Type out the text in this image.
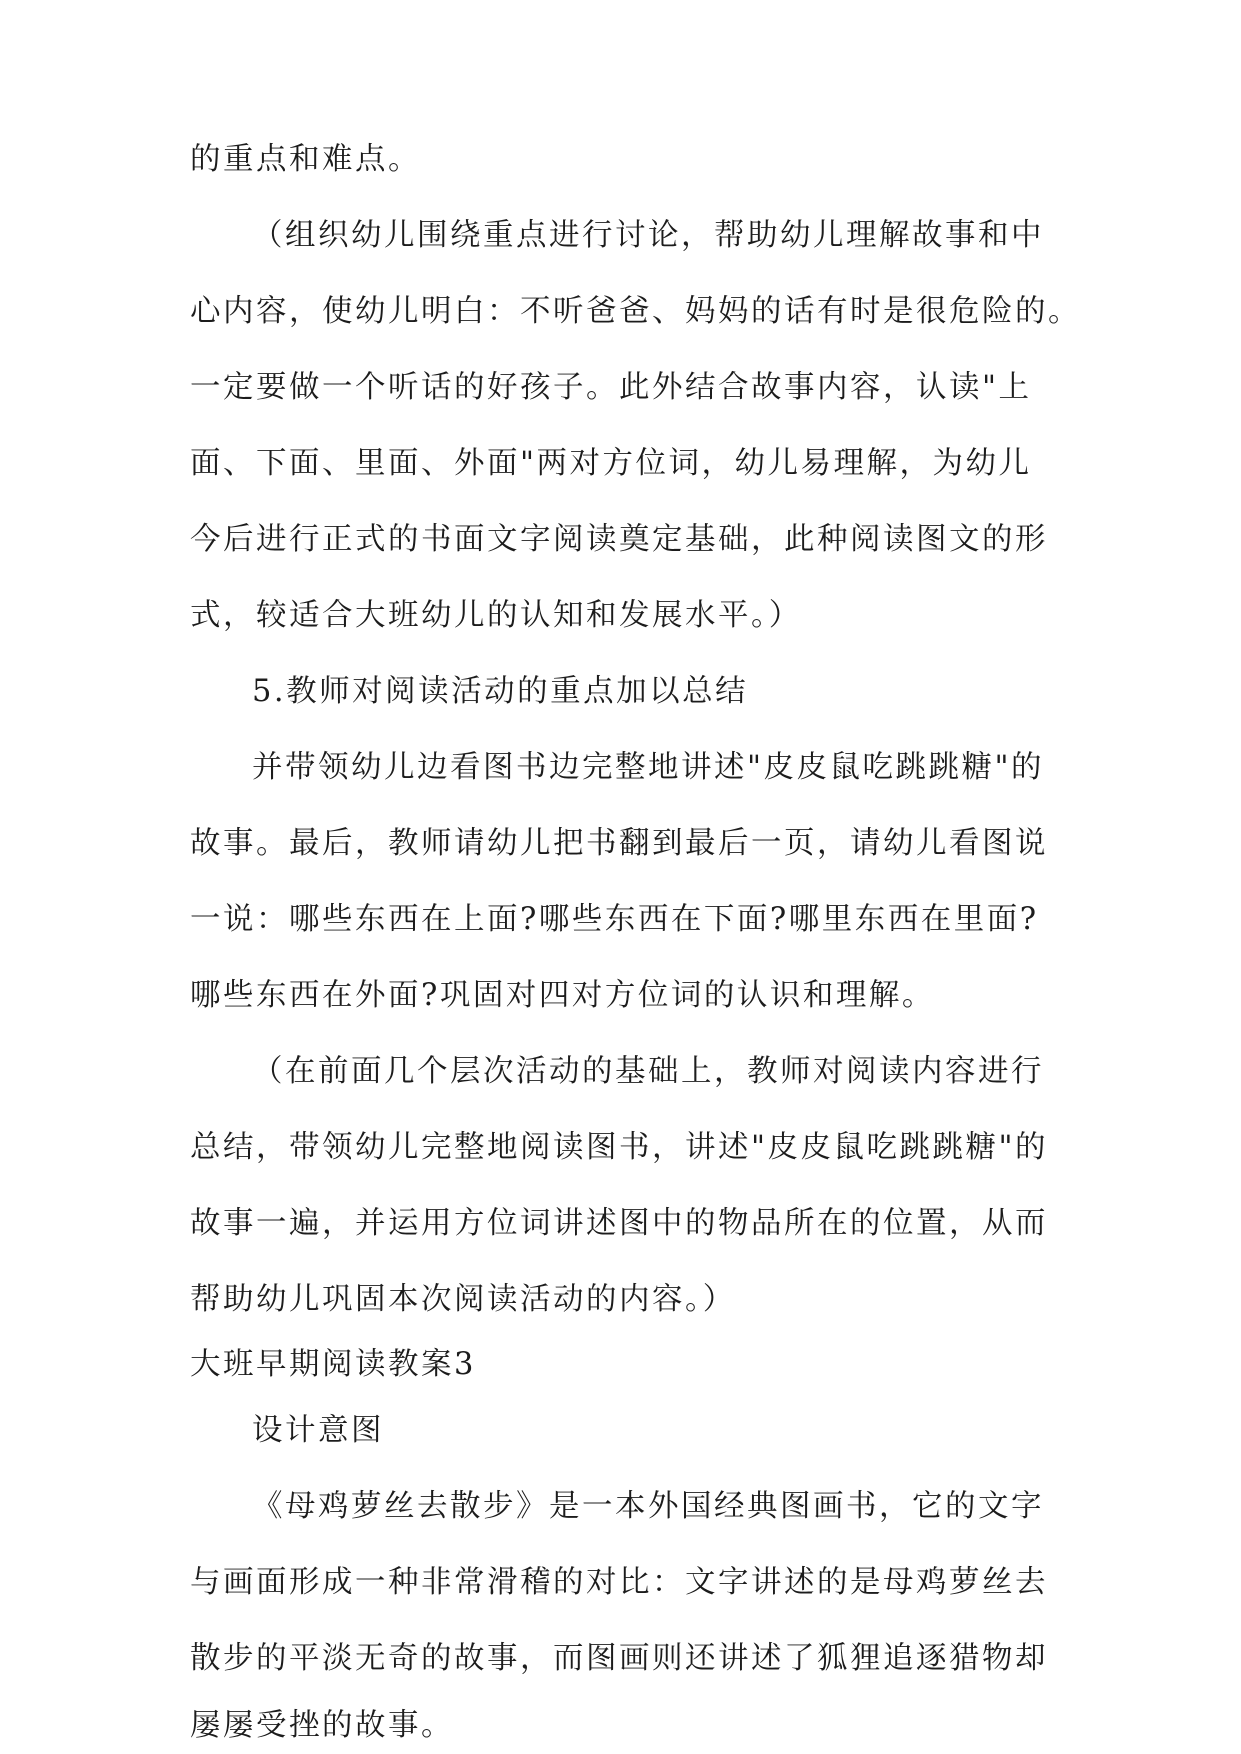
的重点和难点。
（组织幼儿围绕重点进行讨论，帮助幼儿理解故事和中
心内容，使幼儿明白：不听爸爸、妈妈的话有时是很危险的。
一定要做一个听话的好孩子。此外结合故事内容，认读"上
面、下面、里面、外面"两对方位词，幼儿易理解，为幼儿
今后进行正式的书面文字阅读奠定基础，此种阅读图文的形
式，较适合大班幼儿的认知和发展水平。）
5.教师对阅读活动的重点加以总结
并带领幼儿边看图书边完整地讲述"皮皮鼠吃跳跳糖"的
故事。最后，教师请幼儿把书翻到最后一页，请幼儿看图说
一说：哪些东西在上面?哪些东西在下面?哪里东西在里面?
哪些东西在外面?巩固对四对方位词的认识和理解。
（在前面几个层次活动的基础上，教师对阅读内容进行
总结，带领幼儿完整地阅读图书，讲述"皮皮鼠吃跳跳糖"的
故事一遍，并运用方位词讲述图中的物品所在的位置，从而
帮助幼儿巩固本次阅读活动的内容。）
大班早期阅读教案3
设计意图
《母鸡萝丝去散步》是一本外国经典图画书，它的文字
与画面形成一种非常滑稽的对比：文字讲述的是母鸡萝丝去
散步的平淡无奇的故事，而图画则还讲述了狐狸追逐猎物却
屡屡受挫的故事。
